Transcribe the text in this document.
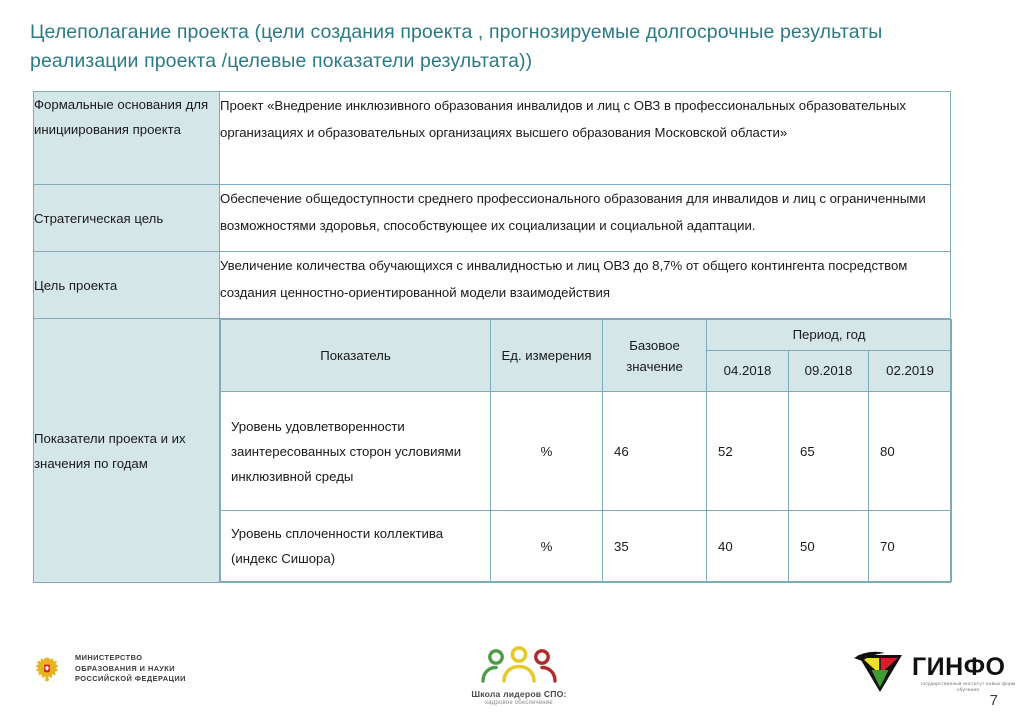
Целеполагание проекта (цели создания проекта , прогнозируемые долгосрочные результаты реализации проекта /целевые показатели результата))
Формальные основания для инициирования проекта	Проект «Внедрение инклюзивного образования инвалидов и лиц с ОВЗ в профессиональных образовательных организациях и образовательных организациях высшего образования Московской области»
Стратегическая цель	Обеспечение общедоступности среднего профессионального образования для инвалидов и лиц с ограниченными возможностями здоровья, способствующее их социализации и социальной адаптации.
Цель проекта	Увеличение количества обучающихся с инвалидностью и лиц ОВЗ до 8,7% от общего контингента посредством создания ценностно-ориентированной модели взаимодействия
Показатели проекта и их значения по годам	
Показатель	Ед. измерения	Базовое значение	Период, год
04.2018	09.2018	02.2019
Уровень удовлетворенности заинтересованных сторон условиями инклюзивной среды	%	46	52	65	80
Уровень сплоченности коллектива (индекс Сишора)	%	35	40	50	70
МИНИСТЕРСТВО
ОБРАЗОВАНИЯ И НАУКИ
РОССИЙСКОЙ ФЕДЕРАЦИИ
Школа лидеров СПО:
кадровое обеспечение
ГИНФО
государственный институт новых форм обучения
7
